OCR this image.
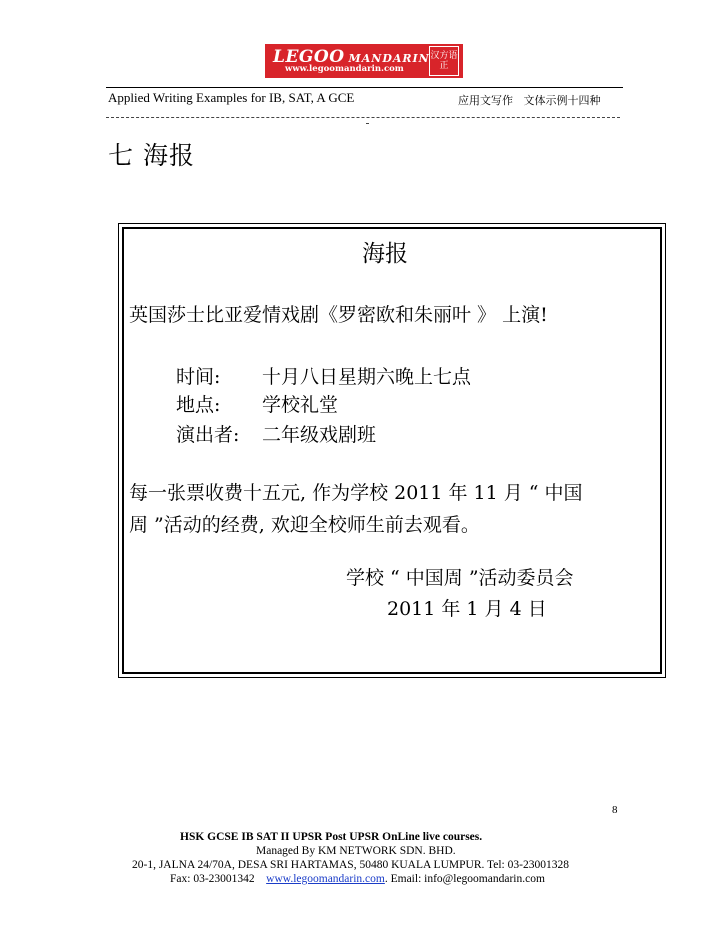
LEGOO MANDARIN
www.legoomandarin.com
汉方语正
Applied Writing Examples for IB, SAT, A GCE	应用文写作   文体示例十四种
七 海报
海报
英国莎士比亚爱情戏剧《罗密欧和朱丽叶 》 上演!
时间: 十月八日星期六晚上七点
地点: 学校礼堂
演出者: 二年级戏剧班
每一张票收费十五元, 作为学校 2011 年 11 月 “ 中国
周 ”活动的经费, 欢迎全校师生前去观看。
学校 “ 中国周 ”活动委员会
2011 年 1 月 4 日
8
HSK GCSE IB SAT II UPSR Post UPSR OnLine live courses.
Managed By KM NETWORK SDN. BHD.
20-1, JALNA 24/70A, DESA SRI HARTAMAS, 50480 KUALA LUMPUR. Tel: 03-23001328
Fax: 03-23001342 www.legoomandarin.com. Email: info@legoomandarin.com
